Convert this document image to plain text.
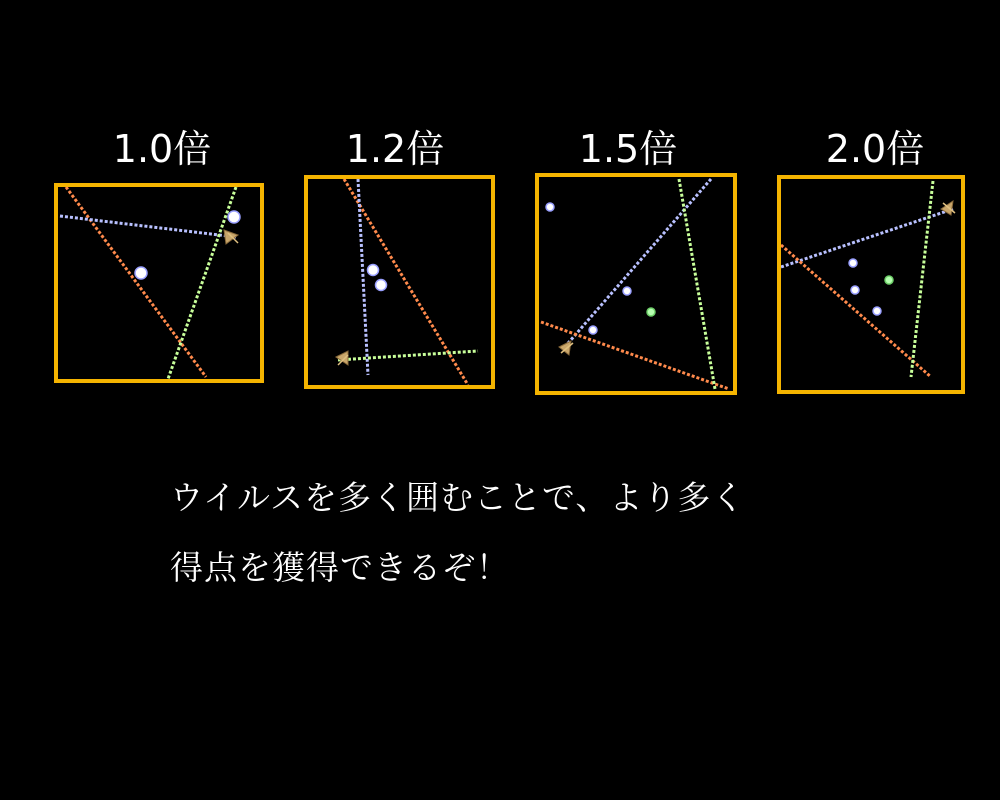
1.0倍	1.2倍	1.5倍	2.0倍
ウイルスを多く囲むことで、より多く
得点を獲得できるぞ！
